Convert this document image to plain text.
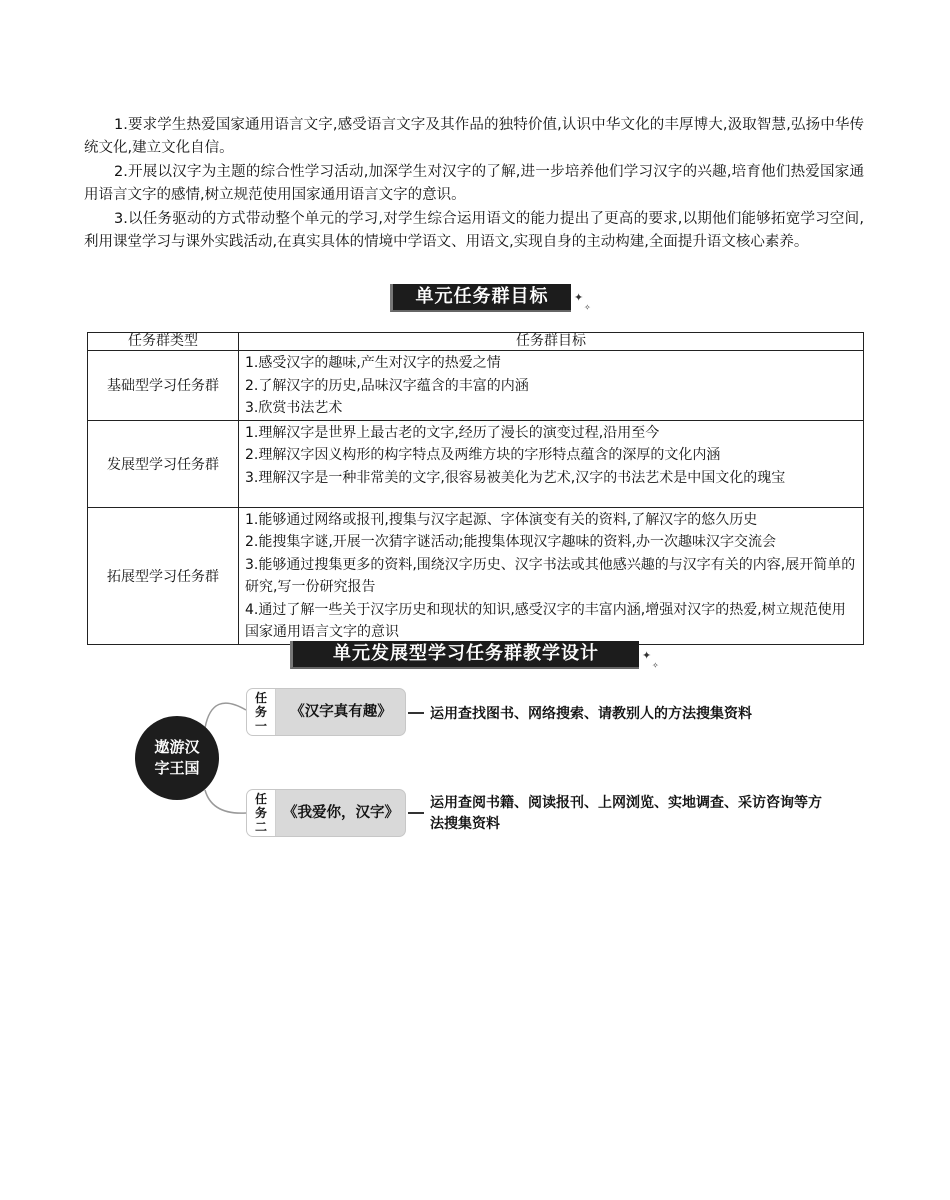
1.要求学生热爱国家通用语言文字,感受语言文字及其作品的独特价值,认识中华文化的丰厚博大,汲取智慧,弘扬中华传统文化,建立文化自信。

2.开展以汉字为主题的综合性学习活动,加深学生对汉字的了解,进一步培养他们学习汉字的兴趣,培育他们热爱国家通用语言文字的感情,树立规范使用国家通用语言文字的意识。

3.以任务驱动的方式带动整个单元的学习,对学生综合运用语文的能力提出了更高的要求,以期他们能够拓宽学习空间,利用课堂学习与课外实践活动,在真实具体的情境中学语文、用语文,实现自身的主动构建,全面提升语文核心素养。

单元任务群目标	✦
✧
任务群类型	任务群目标
基础型学习任务群	1.感受汉字的趣味,产生对汉字的热爱之情
2.了解汉字的历史,品味汉字蕴含的丰富的内涵
3.欣赏书法艺术

发展型学习任务群	1.理解汉字是世界上最古老的文字,经历了漫长的演变过程,沿用至今
2.理解汉字因义构形的构字特点及两维方块的字形特点蕴含的深厚的文化内涵
3.理解汉字是一种非常美的文字,很容易被美化为艺术,汉字的书法艺术是中国文化的瑰宝

拓展型学习任务群	1.能够通过网络或报刊,搜集与汉字起源、字体演变有关的资料,了解汉字的悠久历史
2.能搜集字谜,开展一次猜字谜活动;能搜集体现汉字趣味的资料,办一次趣味汉字交流会
3.能够通过搜集更多的资料,围绕汉字历史、汉字书法或其他感兴趣的与汉字有关的内容,展开简单的研究,写一份研究报告
4.通过了解一些关于汉字历史和现状的知识,感受汉字的丰富内涵,增强对汉字的热爱,树立规范使用国家通用语言文字的意识
单元发展型学习任务群教学设计	✦
✧
遨游汉字王国
任务一
《汉字真有趣》	运用查找图书、网络搜索、请教别人的方法搜集资料
任务二
《我爱你，汉字》
运用查阅书籍、阅读报刊、上网浏览、实地调查、采访咨询等方法搜集资料
